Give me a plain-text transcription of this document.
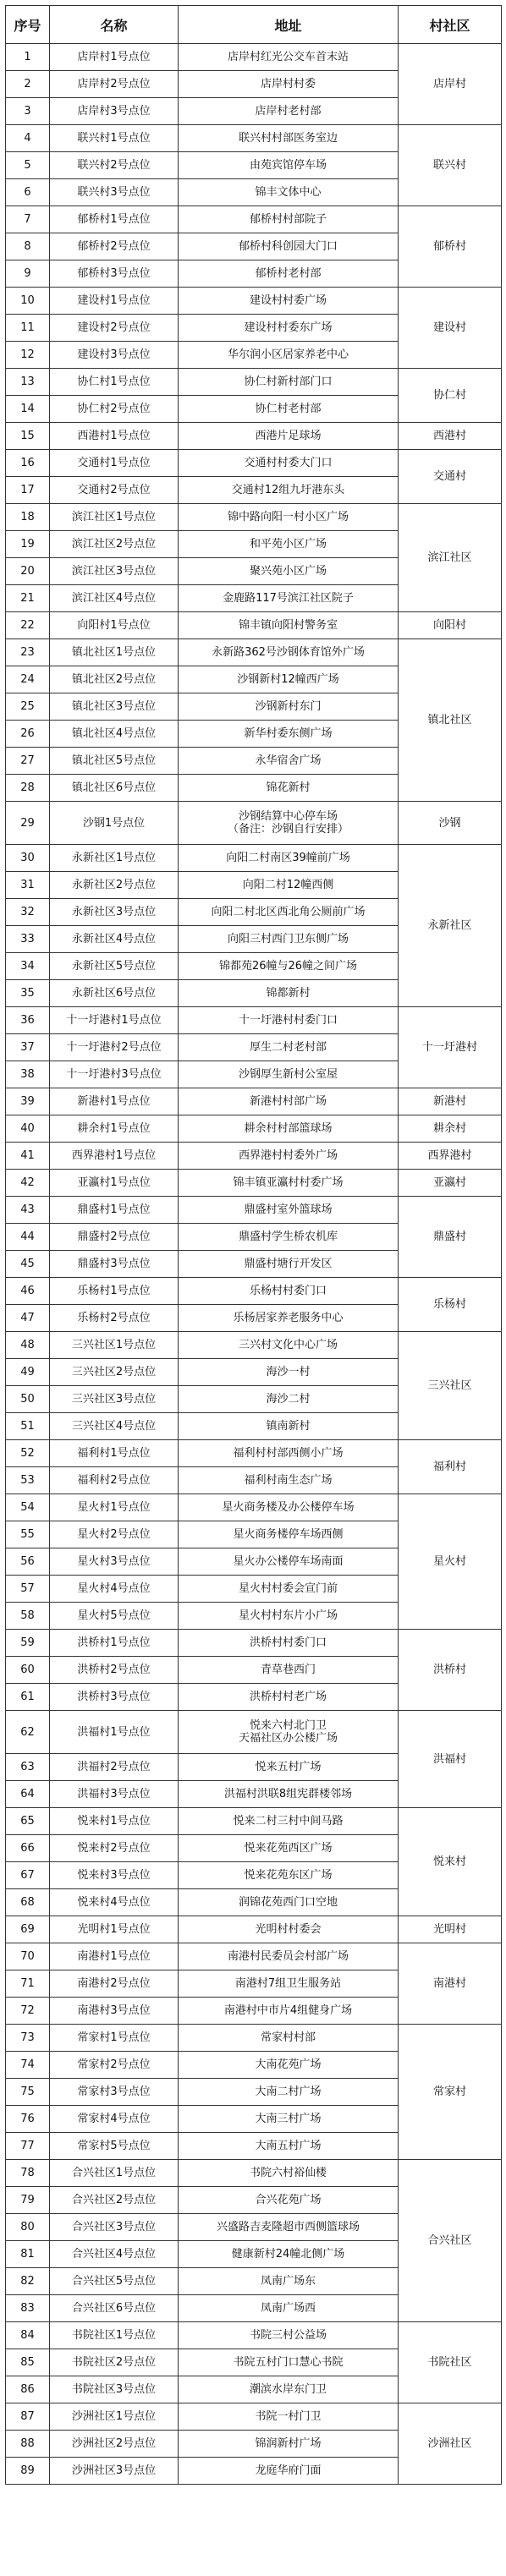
序号	名称	地址	村社区
1	店岸村1号点位	店岸村红光公交车首末站	店岸村
2	店岸村2号点位	店岸村村委	

3	店岸村3号点位	店岸村老村部	

4	联兴村1号点位	联兴村村部医务室边	联兴村
5	联兴村2号点位	由苑宾馆停车场	

6	联兴村3号点位	锦丰文体中心	

7	郁桥村1号点位	郁桥村村部院子	郁桥村
8	郁桥村2号点位	郁桥村科创园大门口	

9	郁桥村3号点位	郁桥村老村部	

10	建设村1号点位	建设村村委广场	建设村
11	建设村2号点位	建设村村委东广场	

12	建设村3号点位	华尔润小区居家养老中心	

13	协仁村1号点位	协仁村新村部门口	协仁村
14	协仁村2号点位	协仁村老村部	

15	西港村1号点位	西港片足球场	西港村
16	交通村1号点位	交通村村委大门口	交通村
17	交通村2号点位	交通村12组九圩港东头	

18	滨江社区1号点位	锦中路向阳一村小区广场	滨江社区
19	滨江社区2号点位	和平苑小区广场	

20	滨江社区3号点位	聚兴苑小区广场	

21	滨江社区4号点位	金鹿路117号滨江社区院子	

22	向阳村1号点位	锦丰镇向阳村警务室	向阳村
23	镇北社区1号点位	永新路362号沙钢体育馆外广场	镇北社区
24	镇北社区2号点位	沙钢新村12幢西广场	

25	镇北社区3号点位	沙钢新村东门	

26	镇北社区4号点位	新华村委东侧广场	

27	镇北社区5号点位	永华宿舍广场	

28	镇北社区6号点位	锦花新村	

29	沙钢1号点位	沙钢结算中心停车场
（备注：沙钢自行安排）	沙钢
30	永新社区1号点位	向阳二村南区39幢前广场	永新社区
31	永新社区2号点位	向阳二村12幢西侧	

32	永新社区3号点位	向阳二村北区西北角公厕前广场	

33	永新社区4号点位	向阳三村西门卫东侧广场	

34	永新社区5号点位	锦都苑26幢与26幢之间广场	

35	永新社区6号点位	锦都新村	

36	十一圩港村1号点位	十一圩港村村委门口	十一圩港村
37	十一圩港村2号点位	厚生二村老村部	

38	十一圩港村3号点位	沙钢厚生新村公室屋	

39	新港村1号点位	新港村村部广场	新港村
40	耕余村1号点位	耕余村村部篮球场	耕余村
41	西界港村1号点位	西界港村村委外广场	西界港村
42	亚瀛村1号点位	锦丰镇亚瀛村村委广场	亚瀛村
43	鼎盛村1号点位	鼎盛村室外篮球场	鼎盛村
44	鼎盛村2号点位	鼎盛村学生桥农机库	

45	鼎盛村3号点位	鼎盛村塘行开发区	

46	乐杨村1号点位	乐杨村村委门口	乐杨村
47	乐杨村2号点位	乐杨居家养老服务中心	

48	三兴社区1号点位	三兴村文化中心广场	三兴社区
49	三兴社区2号点位	海沙一村	

50	三兴社区3号点位	海沙二村	

51	三兴社区4号点位	镇南新村	

52	福利村1号点位	福利村村部西侧小广场	福利村
53	福利村2号点位	福利村南生态广场	

54	星火村1号点位	星火商务楼及办公楼停车场	星火村
55	星火村2号点位	星火商务楼停车场西侧	

56	星火村3号点位	星火办公楼停车场南面	

57	星火村4号点位	星火村村委会宣门前	

58	星火村5号点位	星火村村东片小广场	

59	洪桥村1号点位	洪桥村村委门口	洪桥村
60	洪桥村2号点位	青草巷西门	

61	洪桥村3号点位	洪桥村村老广场	

62	洪福村1号点位	悦来六村北门卫
天福社区办公楼广场	洪福村
63	洪福村2号点位	悦来五村广场	

64	洪福村3号点位	洪福村洪联8组宪群楼邻场	

65	悦来村1号点位	悦来二村三村中间马路	悦来村
66	悦来村2号点位	悦来花苑西区广场	

67	悦来村3号点位	悦来花苑东区广场	

68	悦来村4号点位	润锦花苑西门口空地	

69	光明村1号点位	光明村村委会	光明村
70	南港村1号点位	南港村民委员会村部广场	南港村
71	南港村2号点位	南港村7组卫生服务站	

72	南港村3号点位	南港村中市片4组健身广场	

73	常家村1号点位	常家村村部	常家村
74	常家村2号点位	大南花苑广场	

75	常家村3号点位	大南二村广场	

76	常家村4号点位	大南三村广场	

77	常家村5号点位	大南五村广场	

78	合兴社区1号点位	书院六村裕仙楼	合兴社区
79	合兴社区2号点位	合兴花苑广场	

80	合兴社区3号点位	兴盛路吉麦隆超市西侧篮球场	

81	合兴社区4号点位	健康新村24幢北侧广场	

82	合兴社区5号点位	凤南广场东	

83	合兴社区6号点位	凤南广场西	

84	书院社区1号点位	书院三村公益场	书院社区
85	书院社区2号点位	书院五村门口慧心书院	

86	书院社区3号点位	潮滨水岸东门卫	

87	沙洲社区1号点位	书院一村门卫	沙洲社区
88	沙洲社区2号点位	锦润新村广场	

89	沙洲社区3号点位	龙庭华府门面	
